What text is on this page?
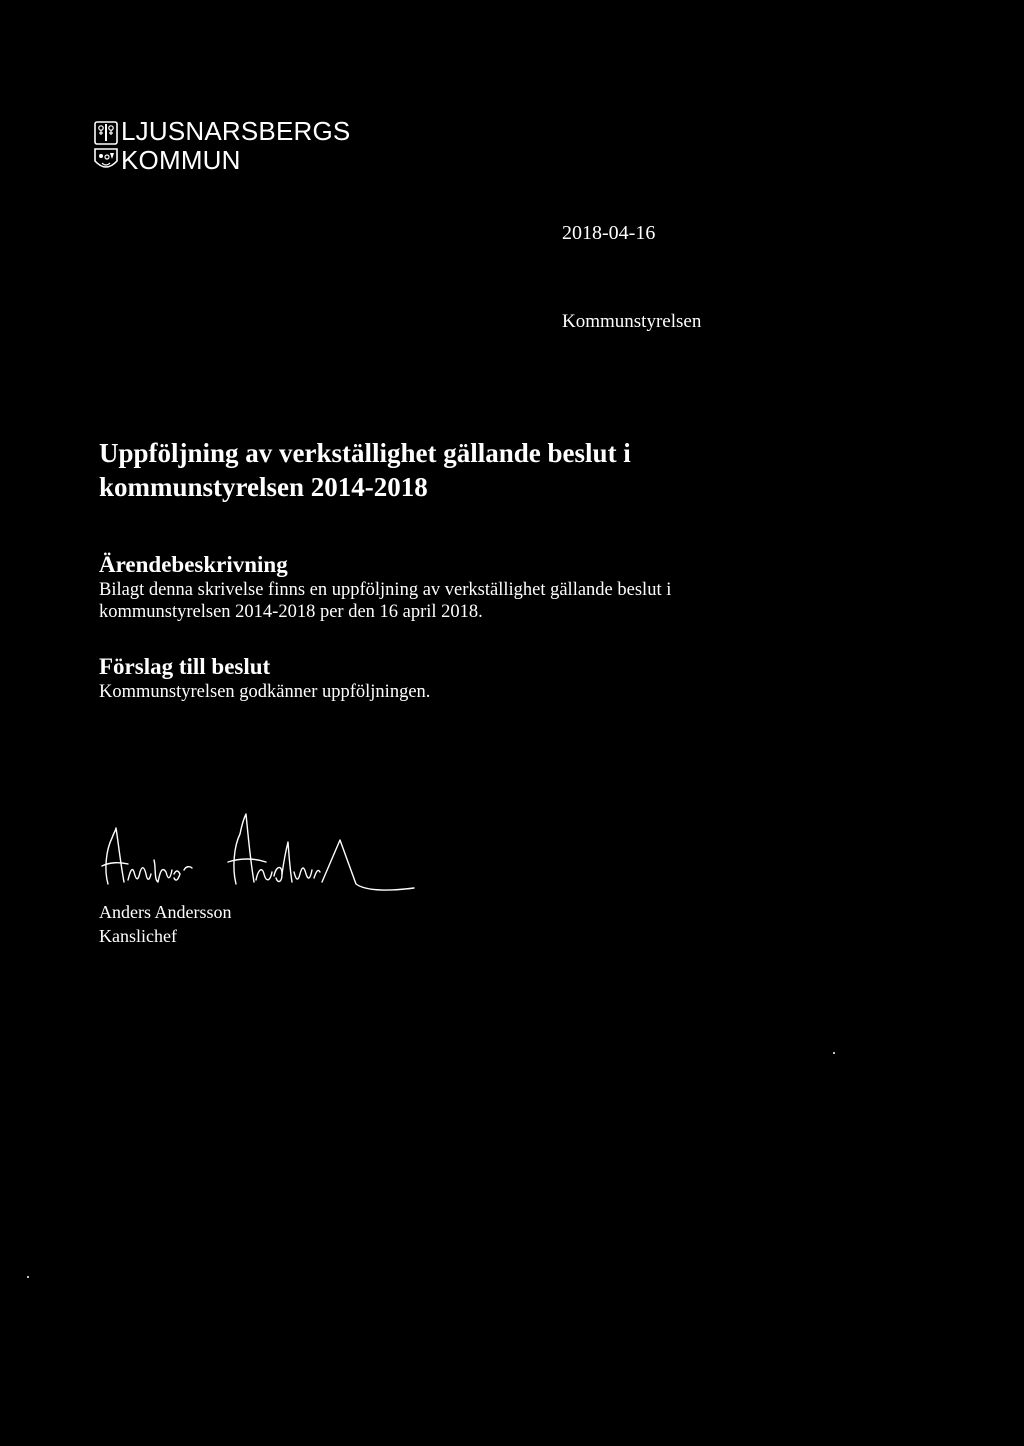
LJUSNARSBERGS
KOMMUN
2018-04-16
Kommunstyrelsen
Uppföljning av verkställighet gällande beslut i
kommunstyrelsen 2014-2018
Ärendebeskrivning

Bilagt denna skrivelse finns en uppföljning av verkställighet gällande beslut i
kommunstyrelsen 2014-2018 per den 16 april 2018.

Förslag till beslut

Kommunstyrelsen godkänner uppföljningen.

Anders Andersson
Kanslichef
